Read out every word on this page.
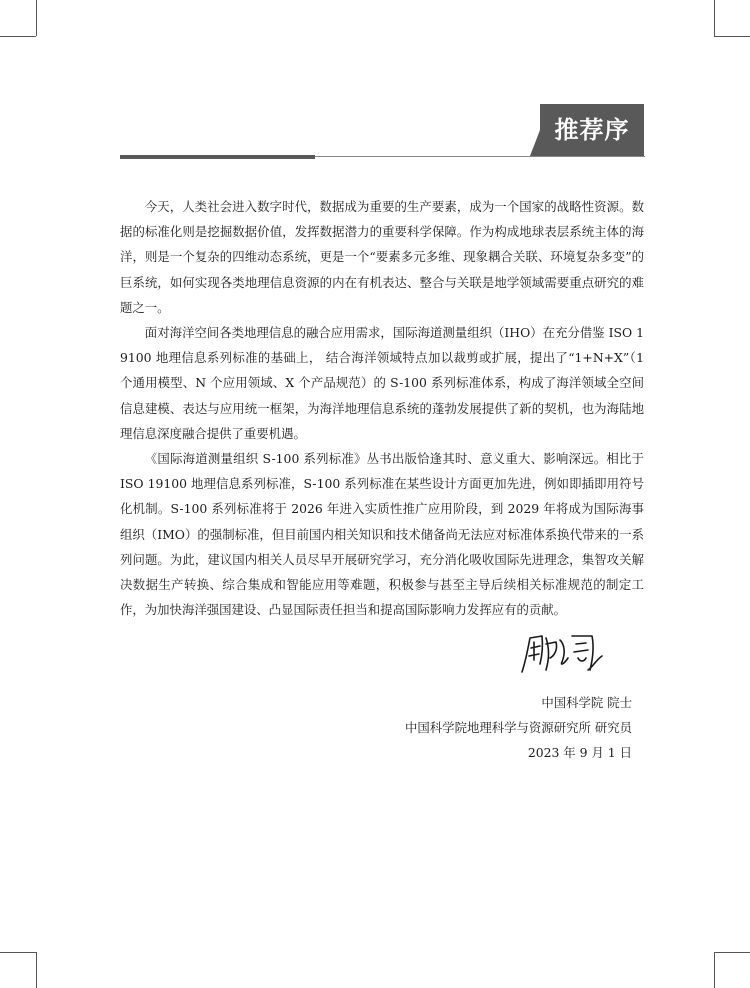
推荐序

今天，人类社会进入数字时代，数据成为重要的生产要素，成为一个国家的战略性资源。数据的标准化则是挖掘数据价值，发挥数据潜力的重要科学保障。作为构成地球表层系统主体的海洋，则是一个复杂的四维动态系统，更是一个“要素多元多维、现象耦合关联、环境复杂多变”的巨系统，如何实现各类地理信息资源的内在有机表达、整合与关联是地学领域需要重点研究的难题之一。

面对海洋空间各类地理信息的融合应用需求，国际海道测量组织（IHO）在充分借鉴 ISO 19100 地理信息系列标准的基础上， 结合海洋领域特点加以裁剪或扩展，提出了“1+N+X”（1 个通用模型、N 个应用领域、X 个产品规范）的 S-100 系列标准体系，构成了海洋领域全空间信息建模、表达与应用统一框架，为海洋地理信息系统的蓬勃发展提供了新的契机，也为海陆地理信息深度融合提供了重要机遇。

《国际海道测量组织 S-100 系列标准》丛书出版恰逢其时、意义重大、影响深远。相比于 ISO 19100 地理信息系列标准，S-100 系列标准在某些设计方面更加先进，例如即插即用符号化机制。S-100 系列标准将于 2026 年进入实质性推广应用阶段，到 2029 年将成为国际海事组织（IMO）的强制标准，但目前国内相关知识和技术储备尚无法应对标准体系换代带来的一系列问题。为此，建议国内相关人员尽早开展研究学习，充分消化吸收国际先进理念，集智攻关解决数据生产转换、综合集成和智能应用等难题，积极参与甚至主导后续相关标准规范的制定工作，为加快海洋强国建设、凸显国际责任担当和提高国际影响力发挥应有的贡献。

中国科学院 院士
中国科学院地理科学与资源研究所 研究员
2023 年 9 月 1 日
